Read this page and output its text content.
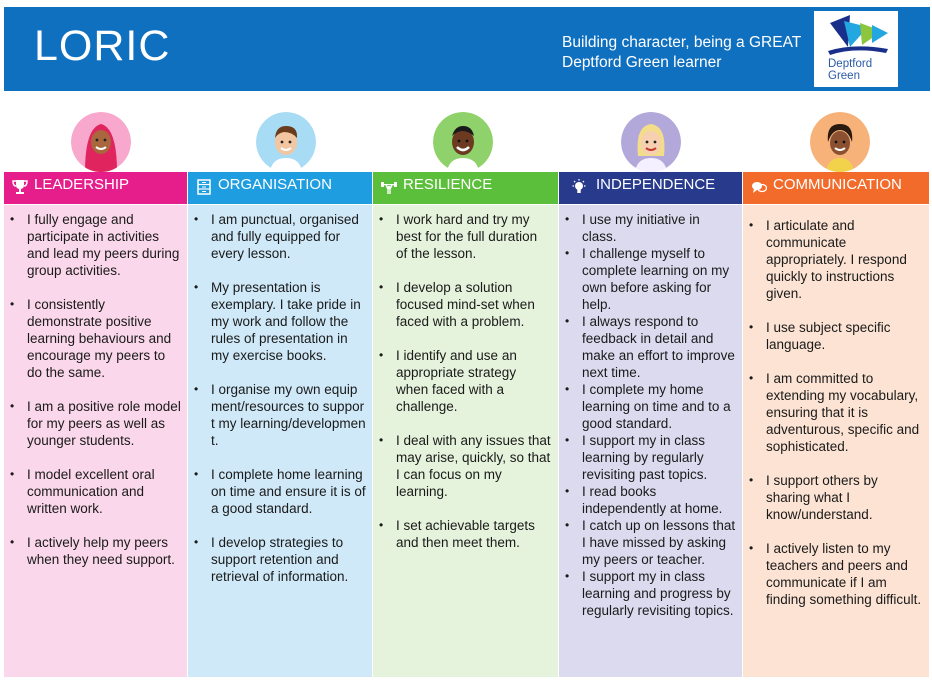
LORIC	Building character, being a GREAT Deptford Green learner	Deptford
Green
LEADERSHIP
• I fully engage and participate in activities and lead my peers during group activities.
• I consistently demonstrate positive learning behaviours and encourage my peers to do the same.
• I am a positive role model for my peers as well as younger students.
• I model excellent oral communication and written work.
• I actively help my peers when they need support.
ORGANISATION
• I am punctual, organised and fully equipped for every lesson.
• My presentation is exemplary. I take pride in my work and follow the rules of presentation in my exercise books.
• I organise my own equipment/resources to support my learning/development.
• I complete home learning on time and ensure it is of a good standard.
• I develop strategies to support retention and retrieval of information.
RESILIENCE
• I work hard and try my best for the full duration of the lesson.
• I develop a solution focused mind-set when faced with a problem.
• I identify and use an appropriate strategy when faced with a challenge.
• I deal with any issues that may arise, quickly, so that I can focus on my learning.
• I set achievable targets and then meet them.
INDEPENDENCE
• I use my initiative in class.
• I challenge myself to complete learning on my own before asking for help.
• I always respond to feedback in detail and make an effort to improve next time.
• I complete my home learning on time and to a good standard.
• I support my in class learning by regularly revisiting past topics.
• I read books independently at home.
• I catch up on lessons that I have missed by asking my peers or teacher.
• I support my in class learning and progress by regularly revisiting topics.
COMMUNICATION
• I articulate and communicate appropriately. I respond quickly to instructions given.
• I use subject specific language.
• I am committed to extending my vocabulary, ensuring that it is adventurous, specific and sophisticated.
• I support others by sharing what I know/understand.
• I actively listen to my teachers and peers and communicate if I am finding something difficult.
